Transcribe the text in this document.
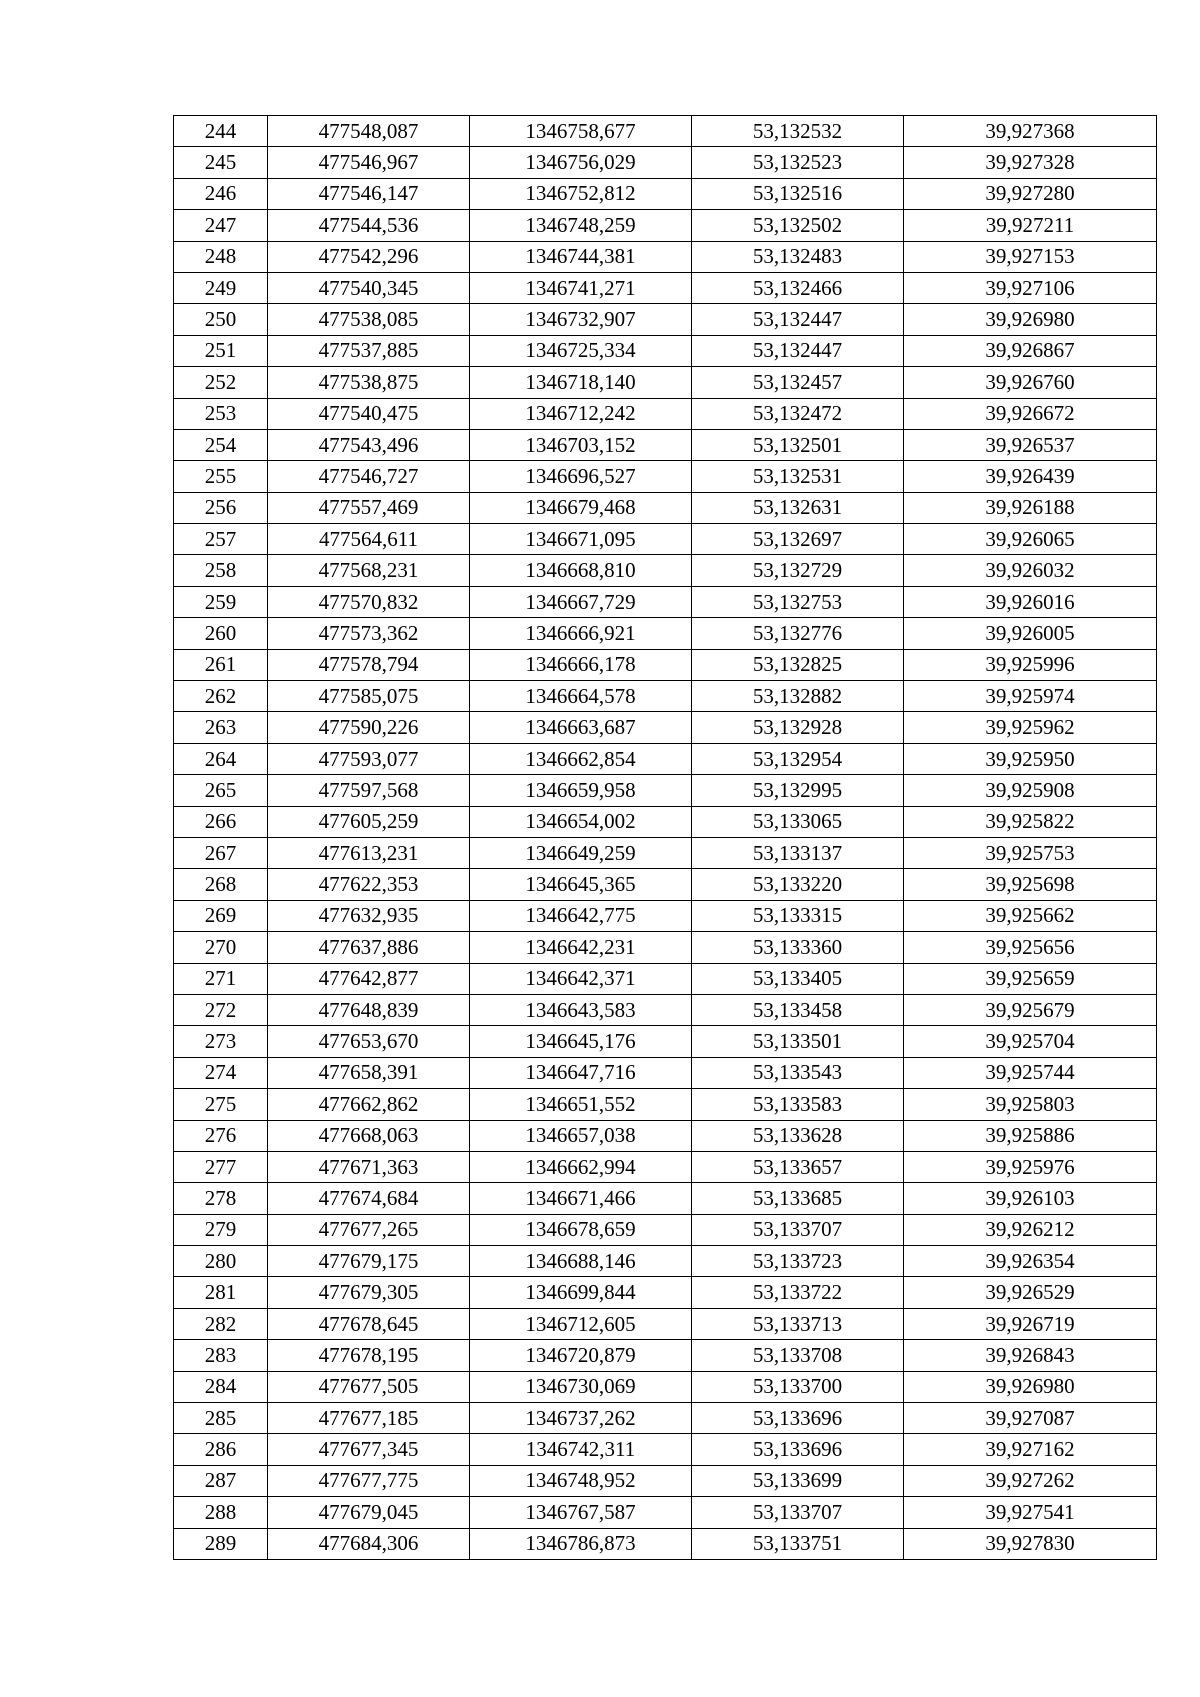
244	477548,087	1346758,677	53,132532	39,927368
245	477546,967	1346756,029	53,132523	39,927328
246	477546,147	1346752,812	53,132516	39,927280
247	477544,536	1346748,259	53,132502	39,927211
248	477542,296	1346744,381	53,132483	39,927153
249	477540,345	1346741,271	53,132466	39,927106
250	477538,085	1346732,907	53,132447	39,926980
251	477537,885	1346725,334	53,132447	39,926867
252	477538,875	1346718,140	53,132457	39,926760
253	477540,475	1346712,242	53,132472	39,926672
254	477543,496	1346703,152	53,132501	39,926537
255	477546,727	1346696,527	53,132531	39,926439
256	477557,469	1346679,468	53,132631	39,926188
257	477564,611	1346671,095	53,132697	39,926065
258	477568,231	1346668,810	53,132729	39,926032
259	477570,832	1346667,729	53,132753	39,926016
260	477573,362	1346666,921	53,132776	39,926005
261	477578,794	1346666,178	53,132825	39,925996
262	477585,075	1346664,578	53,132882	39,925974
263	477590,226	1346663,687	53,132928	39,925962
264	477593,077	1346662,854	53,132954	39,925950
265	477597,568	1346659,958	53,132995	39,925908
266	477605,259	1346654,002	53,133065	39,925822
267	477613,231	1346649,259	53,133137	39,925753
268	477622,353	1346645,365	53,133220	39,925698
269	477632,935	1346642,775	53,133315	39,925662
270	477637,886	1346642,231	53,133360	39,925656
271	477642,877	1346642,371	53,133405	39,925659
272	477648,839	1346643,583	53,133458	39,925679
273	477653,670	1346645,176	53,133501	39,925704
274	477658,391	1346647,716	53,133543	39,925744
275	477662,862	1346651,552	53,133583	39,925803
276	477668,063	1346657,038	53,133628	39,925886
277	477671,363	1346662,994	53,133657	39,925976
278	477674,684	1346671,466	53,133685	39,926103
279	477677,265	1346678,659	53,133707	39,926212
280	477679,175	1346688,146	53,133723	39,926354
281	477679,305	1346699,844	53,133722	39,926529
282	477678,645	1346712,605	53,133713	39,926719
283	477678,195	1346720,879	53,133708	39,926843
284	477677,505	1346730,069	53,133700	39,926980
285	477677,185	1346737,262	53,133696	39,927087
286	477677,345	1346742,311	53,133696	39,927162
287	477677,775	1346748,952	53,133699	39,927262
288	477679,045	1346767,587	53,133707	39,927541
289	477684,306	1346786,873	53,133751	39,927830
